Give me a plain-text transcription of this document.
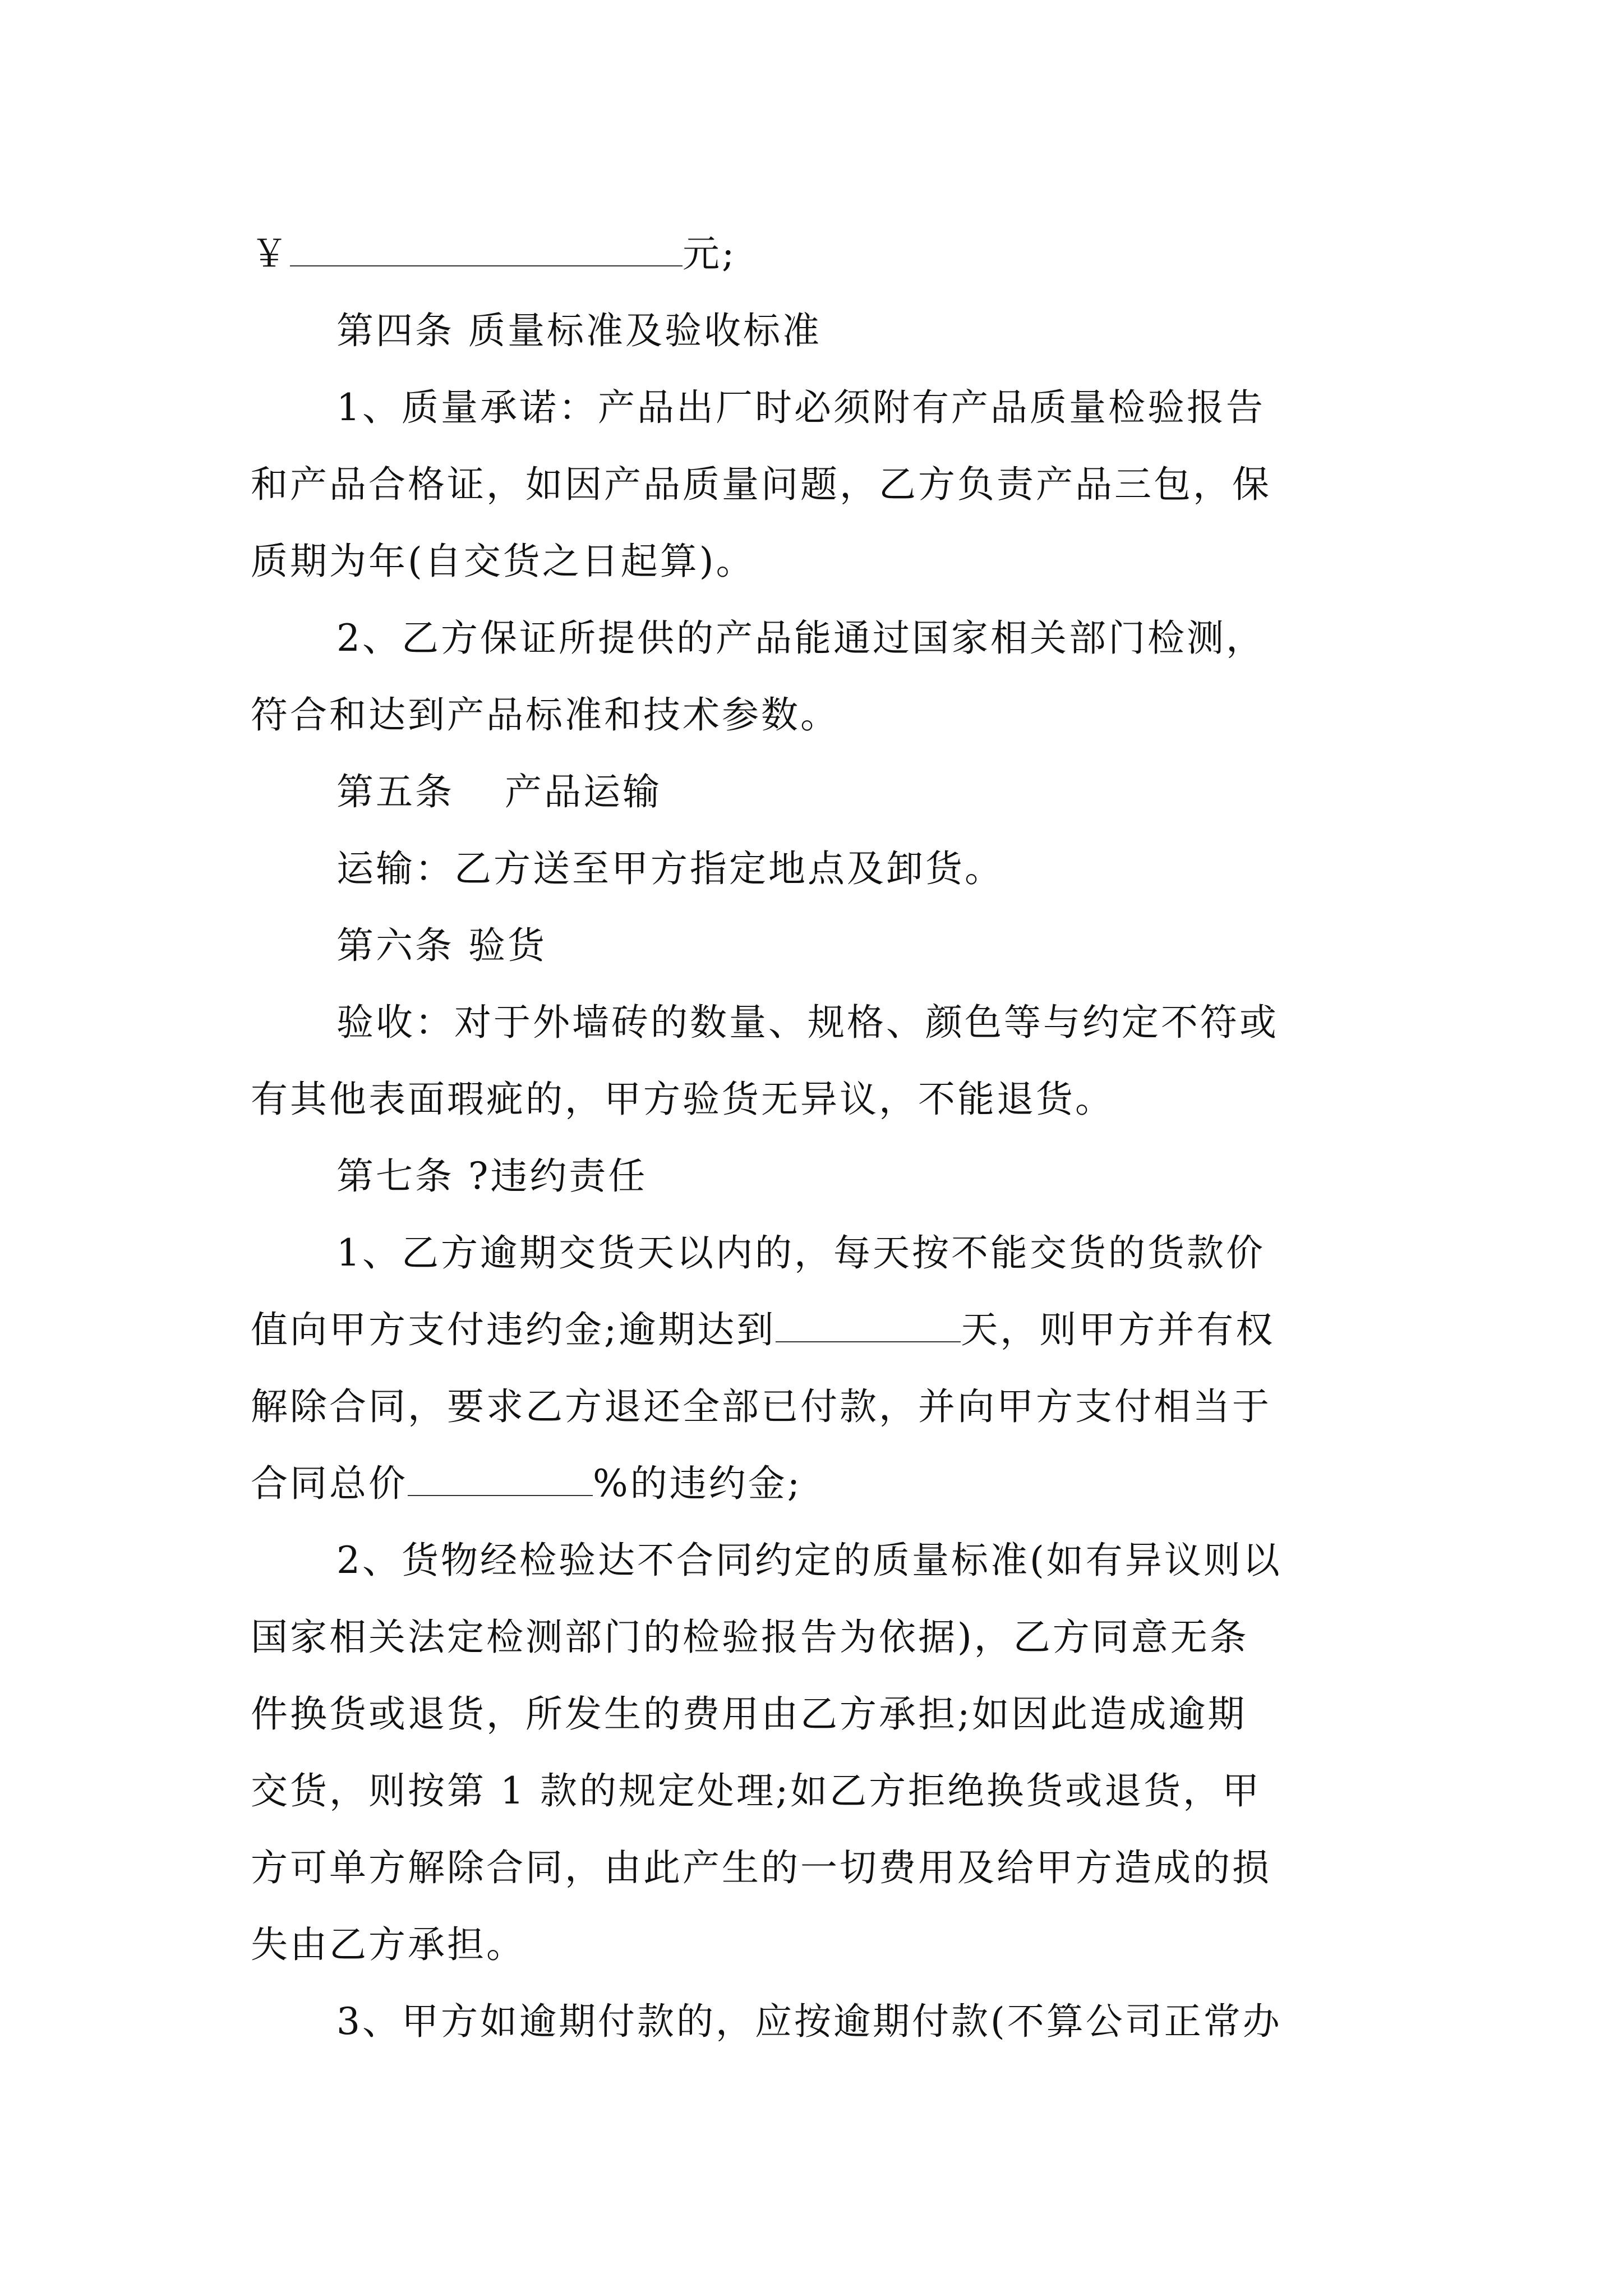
￥	元;
第四条 质量标准及验收标准
1、质量承诺：产品出厂时必须附有产品质量检验报告
和产品合格证，如因产品质量问题，乙方负责产品三包，保
质期为年(自交货之日起算)。
2、乙方保证所提供的产品能通过国家相关部门检测，
符合和达到产品标准和技术参数。
第五条 产品运输
运输：乙方送至甲方指定地点及卸货。
第六条 验货
验收：对于外墙砖的数量、规格、颜色等与约定不符或
有其他表面瑕疵的，甲方验货无异议，不能退货。
第七条 ?违约责任
1、乙方逾期交货天以内的，每天按不能交货的货款价
值向甲方支付违约金;逾期达到	天，则甲方并有权
解除合同，要求乙方退还全部已付款，并向甲方支付相当于
合同总价	%的违约金;
2、货物经检验达不合同约定的质量标准(如有异议则以
国家相关法定检测部门的检验报告为依据)，乙方同意无条
件换货或退货，所发生的费用由乙方承担;如因此造成逾期
交货，则按第 1 款的规定处理;如乙方拒绝换货或退货，甲
方可单方解除合同，由此产生的一切费用及给甲方造成的损
失由乙方承担。
3、甲方如逾期付款的，应按逾期付款(不算公司正常办
